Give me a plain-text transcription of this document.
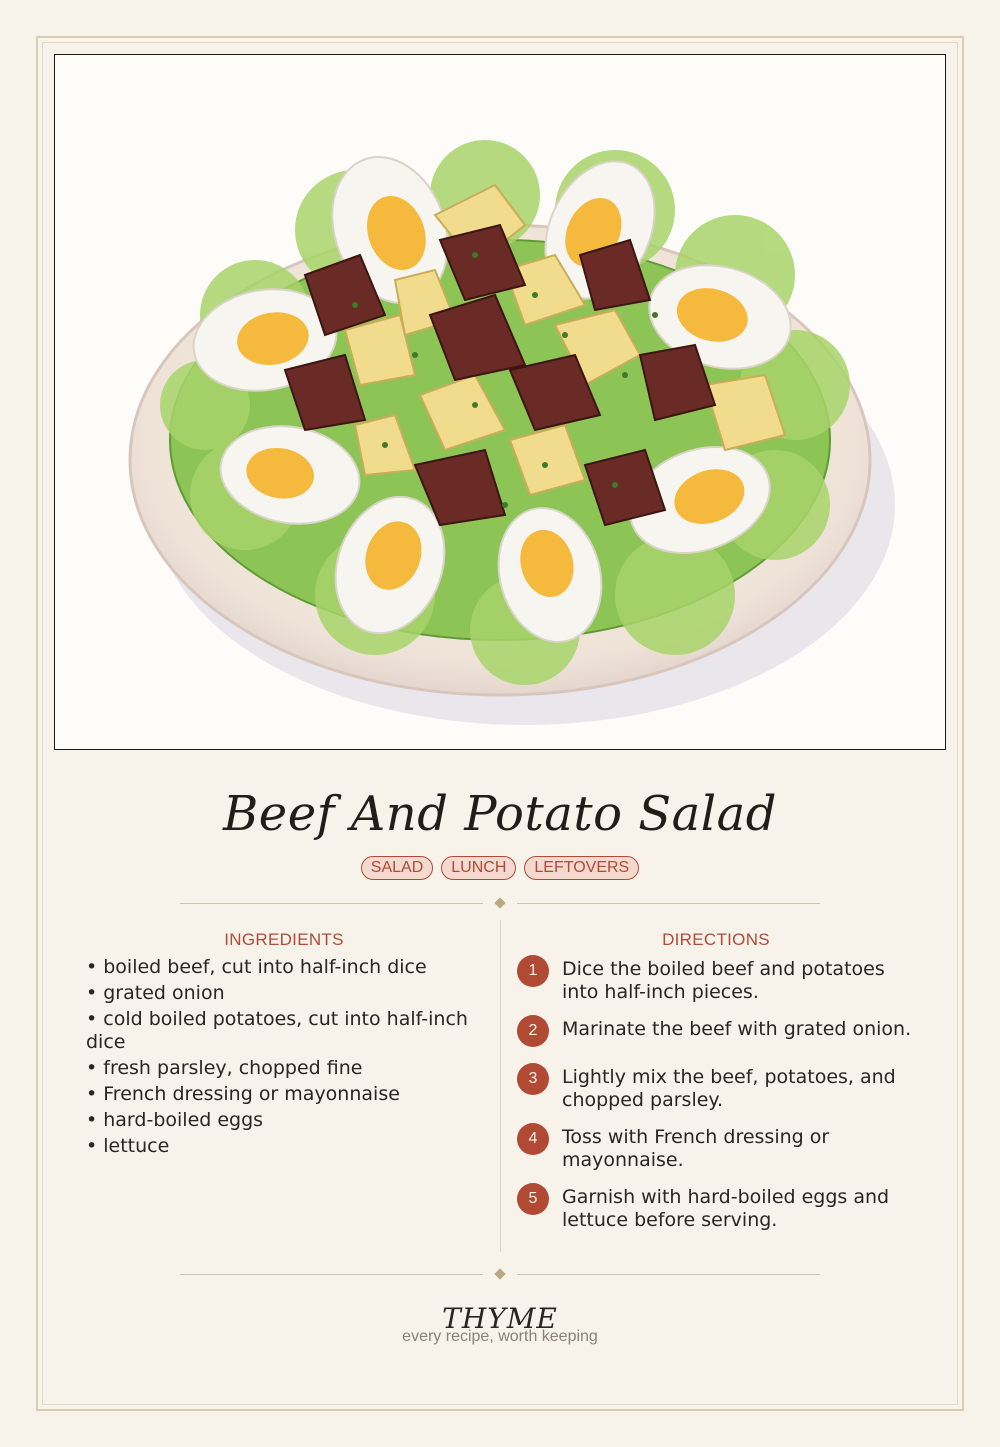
Beef And Potato Salad
SALAD	LUNCH	LEFTOVERS
INGREDIENTS
• boiled beef, cut into half-inch dice
• grated onion
• cold boiled potatoes, cut into half-inch dice
• fresh parsley, chopped fine
• French dressing or mayonnaise
• hard-boiled eggs
• lettuce
DIRECTIONS
1	Dice the boiled beef and potatoes into half-inch pieces.
2	Marinate the beef with grated onion.
3	Lightly mix the beef, potatoes, and chopped parsley.
4	Toss with French dressing or mayonnaise.
5	Garnish with hard-boiled eggs and lettuce before serving.
THYME
every recipe, worth keeping
